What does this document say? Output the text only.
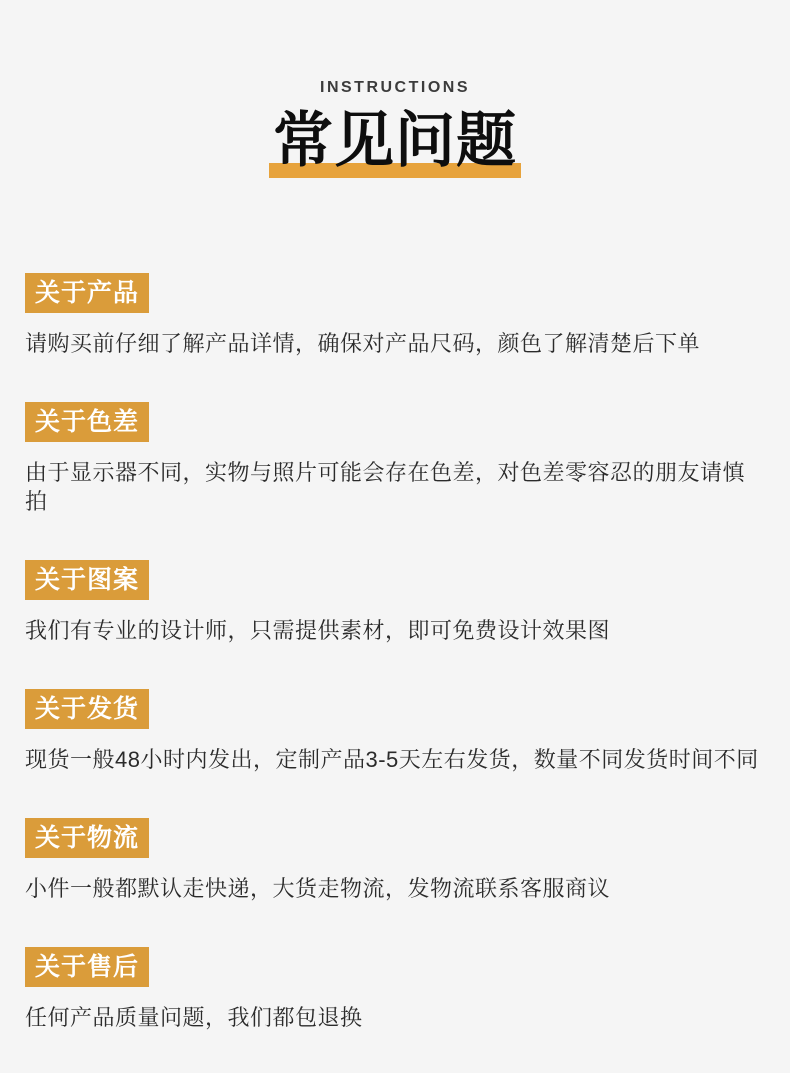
INSTRUCTIONS
常见问题
关于产品

请购买前仔细了解产品详情，确保对产品尺码，颜色了解清楚后下单

关于色差

由于显示器不同，实物与照片可能会存在色差，对色差零容忍的朋友请慎拍

关于图案

我们有专业的设计师，只需提供素材，即可免费设计效果图

关于发货

现货一般48小时内发出，定制产品3-5天左右发货，数量不同发货时间不同

关于物流

小件一般都默认走快递，大货走物流，发物流联系客服商议

关于售后

任何产品质量问题，我们都包退换
